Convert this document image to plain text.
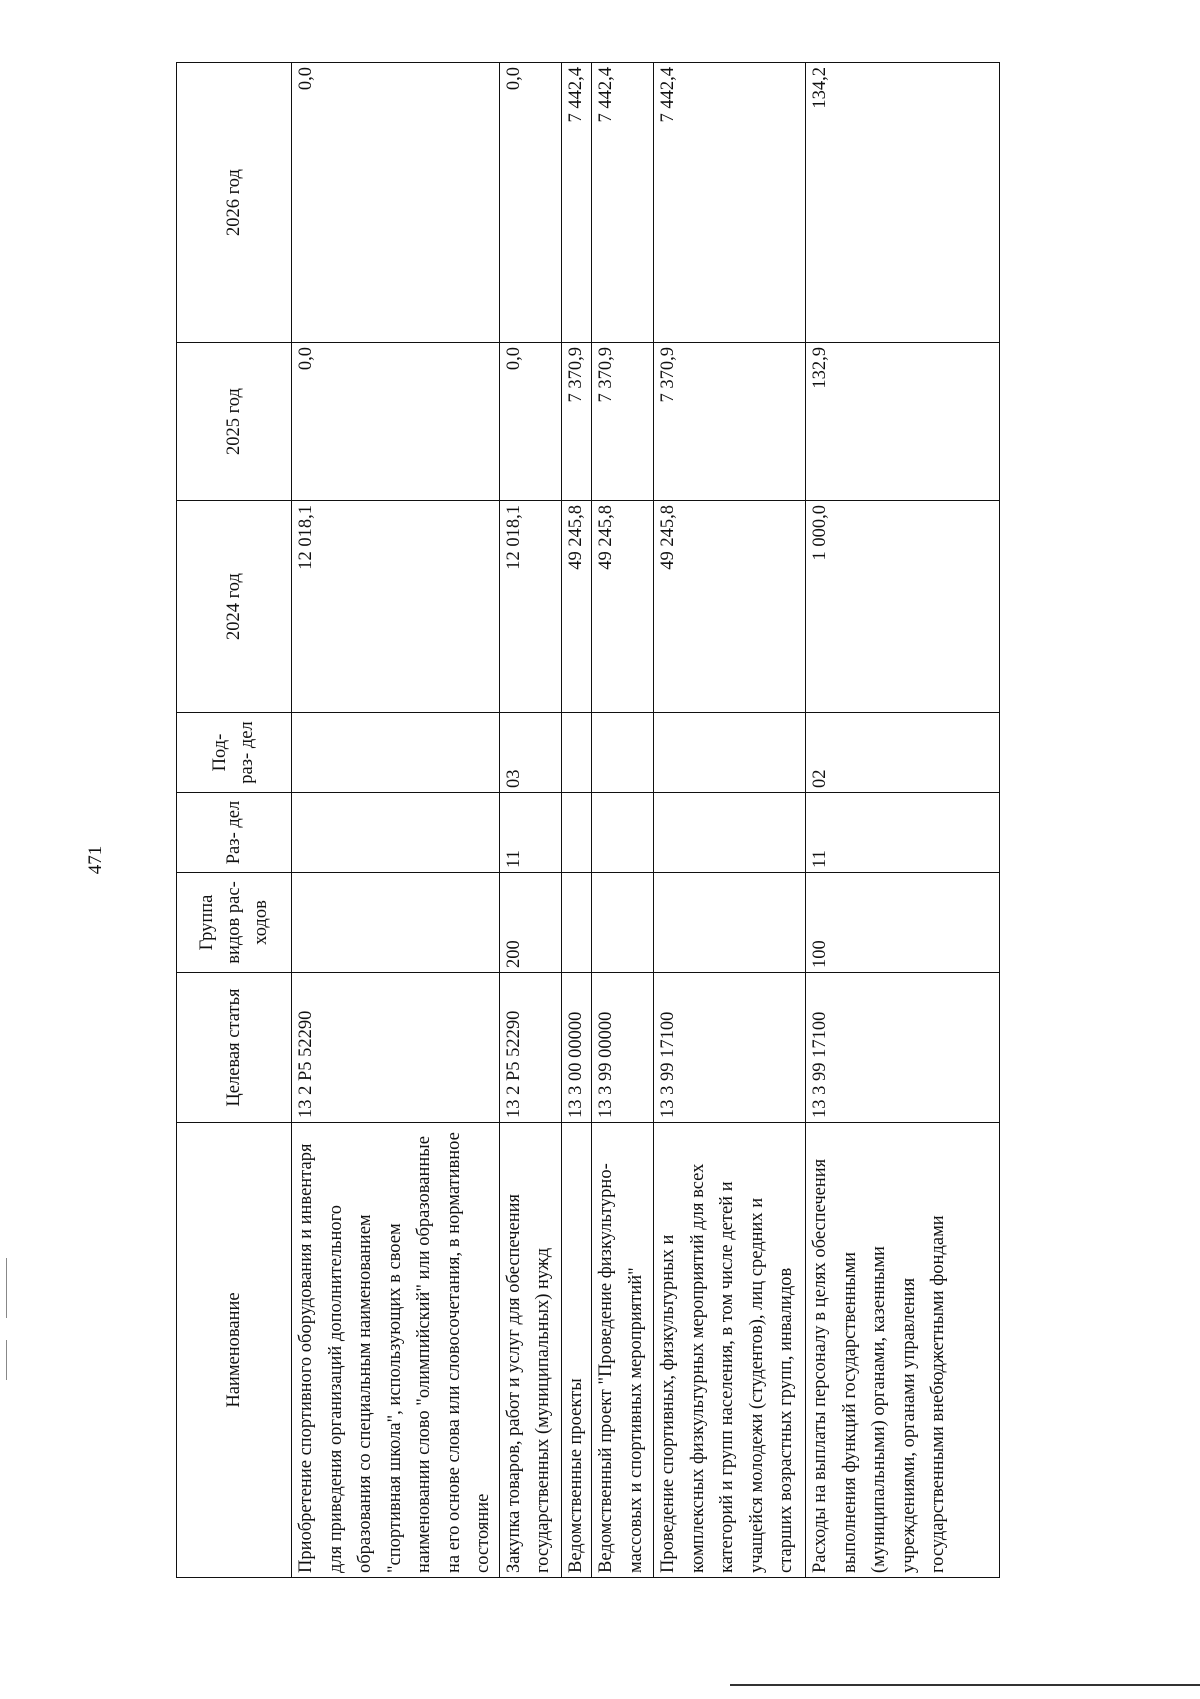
471
Наименование	Целевая статья	Группа видов рас- ходов	Раз- дел	Под- раз- дел	2024 год	2025 год	2026 год
Приобретение спортивного оборудования и инвентаря для приведения организаций дополнительного образования со специальным наименованием "спортивная школа", использующих в своем наименовании слово "олимпийский" или образованные на его основе слова или словосочетания, в нормативное состояние	13 2 P5 52290				12 018,1	0,0	0,0
Закупка товаров, работ и услуг для обеспечения государственных (муниципальных) нужд	13 2 P5 52290	200	11	03	12 018,1	0,0	0,0
Ведомственные проекты	13 3 00 00000				49 245,8	7 370,9	7 442,4
Ведомственный проект "Проведение физкультурно-массовых и спортивных мероприятий"	13 3 99 00000				49 245,8	7 370,9	7 442,4
Проведение спортивных, физкультурных и комплексных физкультурных мероприятий для всех категорий и групп населения, в том числе детей и учащейся молодежи (студентов), лиц средних и старших возрастных групп, инвалидов	13 3 99 17100				49 245,8	7 370,9	7 442,4
Расходы на выплаты персоналу в целях обеспечения выполнения функций государственными (муниципальными) органами, казенными учреждениями, органами управления государственными внебюджетными фондами	13 3 99 17100	100	11	02	1 000,0	132,9	134,2
